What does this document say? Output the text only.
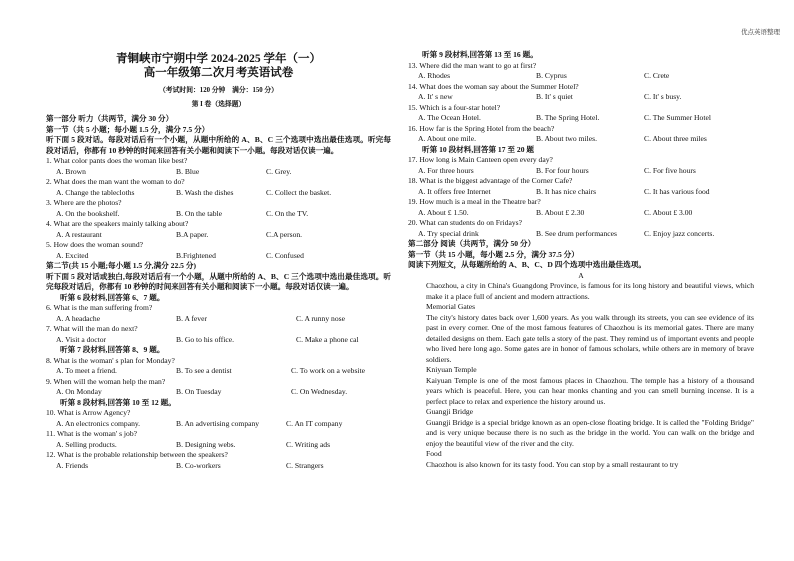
优点英语整理
青铜峡市宁朔中学 2024-2025 学年（一）
高一年级第二次月考英语试卷
（考试时间：120 分钟　满分：150 分）
第 I 卷（选择题）
第一部分 听力（共两节，满分 30 分）
第一节（共 5 小题；每小题 1.5 分，满分 7.5 分）
听下面 5 段对话。每段对话后有一个小题，从题中所给的 A、B、C 三个选项中选出最佳选项。听完每段对话后，你都有 10 秒钟的时间来回答有关小题和阅读下一小题。每段对话仅读一遍。
1. What color pants does the woman like best?
A. Brown	B. Blue	C. Grey.
2. What does the man want the woman to do?
A. Change the tablecloths	B. Wash the dishes	C. Collect the basket.
3. Where are the photos?
A. On the bookshelf.	B. On the table	C. On the TV.
4. What are the speakers mainly talking about?
A. A restaurant	B.A paper.	C.A person.
5. How does the woman sound?
A. Excited	B.Frightened	C. Confused
第二节(共 15 小题;每小题 1.5 分,满分 22.5 分)
听下面 5 段对话或独白,每段对话后有一个小题，从题中所给的 A、B、C 三个选项中选出最佳选项。听完每段对话后，你都有 10 秒钟的时间来回答有关小题和阅读下一小题。每段对话仅读一遍。
听第 6 段材料,回答第 6、7 题。
6. What is the man suffering from?
A. A headache	B. A fever	C. A runny nose
7. What will the man do next?
A. Visit a doctor	B. Go to his office.	C. Make a phone cal
听第 7 段材料,回答第 8、9 题。
8. What is the woman' s plan for Monday?
A. To meet a friend.	B. To see a dentist	C. To work on a website
9. When will the woman help the man?
A. On Monday	B. On Tuesday	C. On Wednesday.
听第 8 段材料,回答第 10 至 12 题。
10. What is Arrow Agency?
A. An electronics company.	B. An advertising company	C. An IT company
11. What is the woman' s job?
A. Selling products.	B. Designing webs.	C. Writing ads
12. What is the probable relationship between the speakers?
A. Friends	B. Co-workers	C. Strangers
听第 9 段材料,回答第 13 至 16 题。
13. Where did the man want to go at first?
A. Rhodes	B. Cyprus	C. Crete
14. What does the woman say about the Summer Hotel?
A. It' s new	B. It' s quiet	C. It' s busy.
15. Which is a four-star hotel?
A. The Ocean Hotel.	B. The Spring Hotel.	C. The Summer Hotel
16. How far is the Spring Hotel from the beach?
A. About one mile.	B. About two miles.	C. About three miles
听第 10 段材料,回答第 17 至 20 题
17. How long is Main Canteen open every day?
A. For three hours	B. For four hours	C. For five hours
18. What is the biggest advantage of the Corner Cafe?
A. It offers free Internet	B. It has nice chairs	C. It has various food
19. How much is a meal in the Theatre bar?
A. About £ 1.50.	B. About £ 2.30	C. About £ 3.00
20. What can students do on Fridays?
A. Try special drink	B. See drum performances	C. Enjoy jazz concerts.
第二部分 阅读（共两节，满分 50 分）
第一节（共 15 小题，每小题 2.5 分，满分 37.5 分）
阅读下列短文，从每题所给的 A、B、C、D 四个选项中选出最佳选项。
A
Chaozhou, a city in China's Guangdong Province, is famous for its long history and beautiful views, which make it a place full of ancient and modern attractions.
Memorial Gates
The city's history dates back over 1,600 years. As you walk through its streets, you can see evidence of its past in every corner. One of the most famous features of Chaozhou is its memorial gates. There are many detailed designs on them. Each gate tells a story of the past. They remind us of important events and people who lived here long ago. Some gates are in honor of famous scholars, while others are in memory of brave soldiers.
Kniyuan Temple
Kaiyuan Temple is one of the most famous places in Chaozhou. The temple has a history of a thousand years which is peaceful. Here, you can hear monks chanting and you can smell burning incense. It is a perfect place to relax and experience the history around us.
Guangji Bridge
Guangji Bridge is a special bridge known as an open-close floating bridge. It is called the "Folding Bridge" and is very unique because there is no such as the bridge in the world. You can walk on the bridge and enjoy the beautiful view of the river and the city.
Food
Chaozhou is also known for its tasty food. You can stop by a small restaurant to try
